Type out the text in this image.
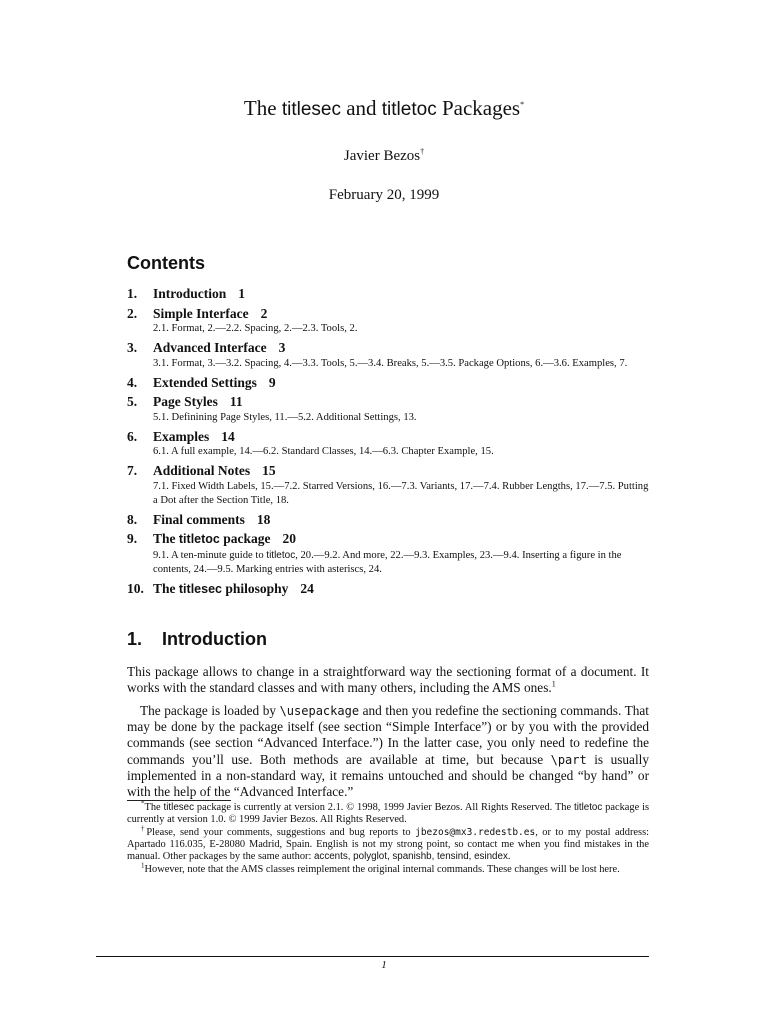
The titlesec and titletoc Packages*
Javier Bezos†
February 20, 1999
Contents
1.	Introduction 1
2.	Simple Interface 2
2.1. Format, 2.—2.2. Spacing, 2.—2.3. Tools, 2.
3.	Advanced Interface 3
3.1. Format, 3.—3.2. Spacing, 4.—3.3. Tools, 5.—3.4. Breaks, 5.—3.5. Package Options, 6.—3.6. Examples, 7.
4.	Extended Settings 9
5.	Page Styles 11
5.1. Definining Page Styles, 11.—5.2. Additional Settings, 13.
6.	Examples 14
6.1. A full example, 14.—6.2. Standard Classes, 14.—6.3. Chapter Example, 15.
7.	Additional Notes 15
7.1. Fixed Width Labels, 15.—7.2. Starred Versions, 16.—7.3. Variants, 17.—7.4. Rubber Lengths, 17.—7.5. Putting a Dot after the Section Title, 18.
8.	Final comments 18
9.	The titletoc package 20
9.1. A ten-minute guide to titletoc, 20.—9.2. And more, 22.—9.3. Examples, 23.—9.4. Inserting a figure in the contents, 24.—9.5. Marking entries with asteriscs, 24.
10. The titlesec philosophy 24
1.	Introduction
This package allows to change in a straightforward way the sectioning format of a document. It works with the standard classes and with many others, including the AMS ones.$^1$
The package is loaded by \usepackage and then you redefine the sectioning commands. That may be done by the package itself (see section “Simple Interface”) or by you with the provided commands (see section “Advanced Interface.”) In the latter case, you only need to redefine the commands you’ll use. Both methods are available at time, but because \part is usually implemented in a non-standard way, it remains untouched and should be changed “by hand” or with the help of the “Advanced Interface.”
*The titlesec package is currently at version 2.1. © 1998, 1999 Javier Bezos. All Rights Reserved. The titletoc package is currently at version 1.0. © 1999 Javier Bezos. All Rights Reserved.
†Please, send your comments, suggestions and bug reports to jbezos@mx3.redestb.es, or to my postal address: Apartado 116.035, E-28080 Madrid, Spain. English is not my strong point, so contact me when you find mistakes in the manual. Other packages by the same author: accents, polyglot, spanishb, tensind, esindex.
$^1$However, note that the AMS classes reimplement the original internal commands. These changes will be lost here.
1
